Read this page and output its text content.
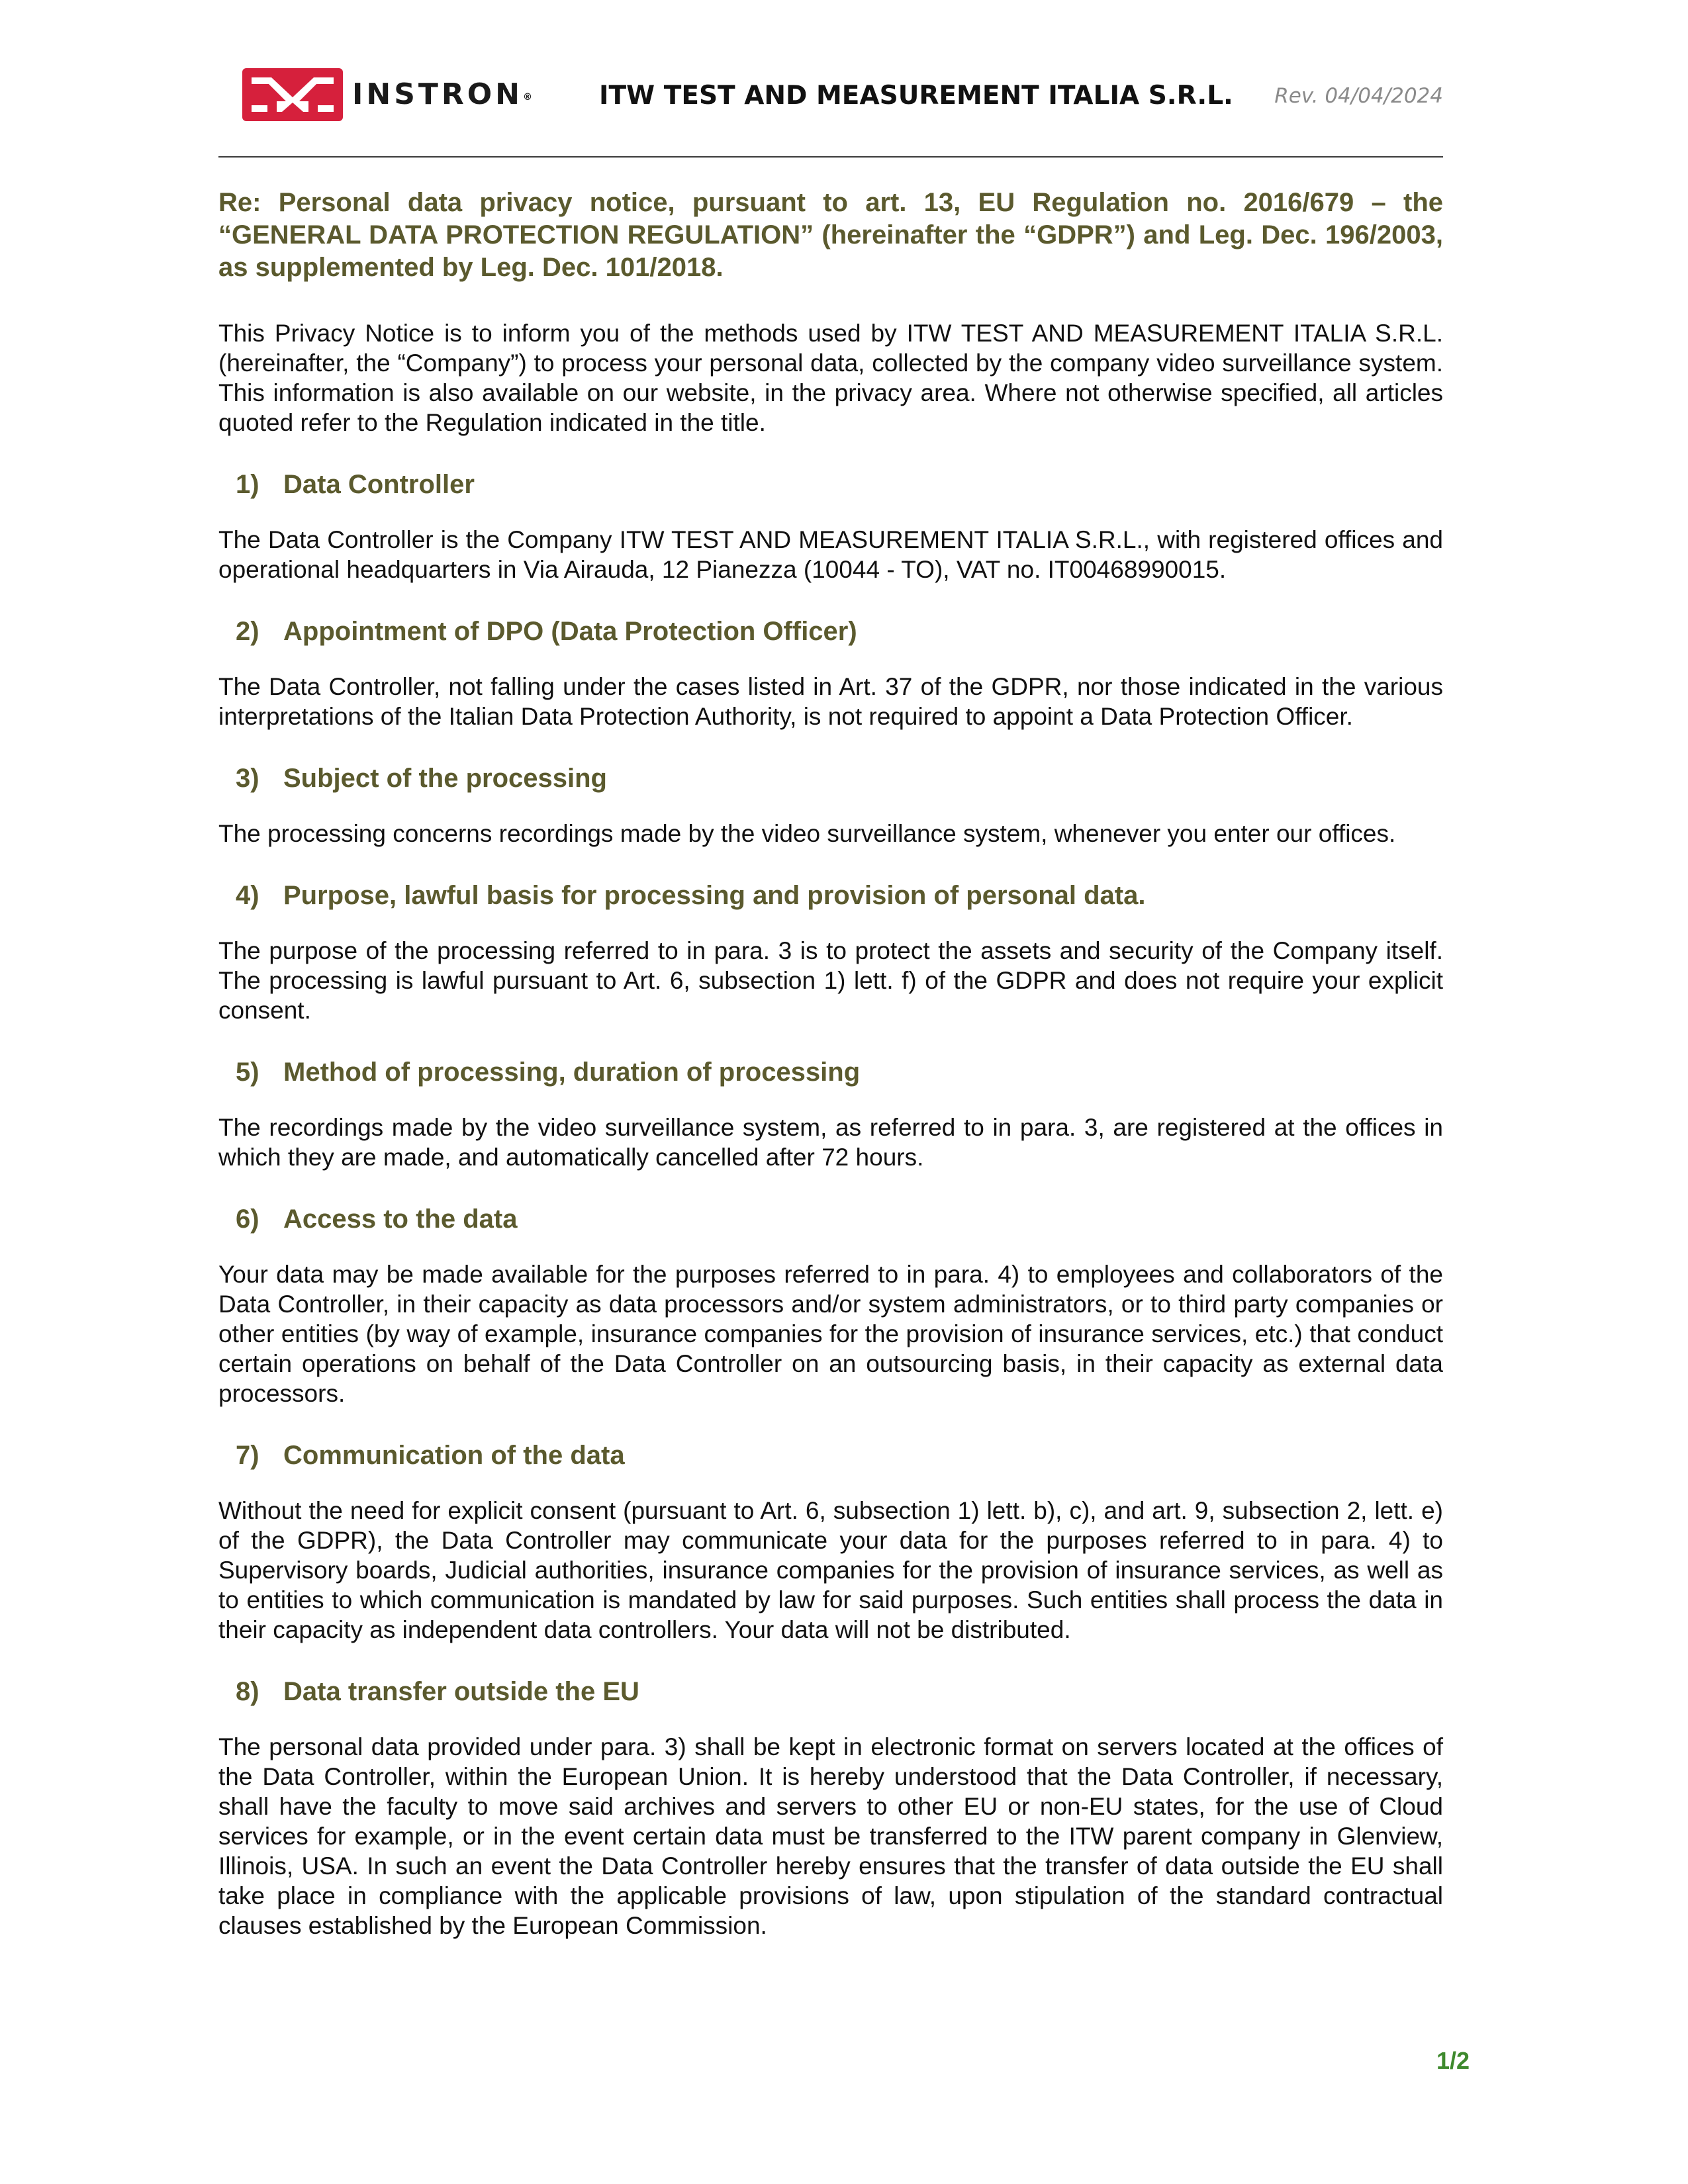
INSTRON®	ITW TEST AND MEASUREMENT ITALIA S.R.L. Rev. 04/04/2024

Re: Personal data privacy notice, pursuant to art. 13, EU Regulation no. 2016/679 – the “GENERAL DATA PROTECTION REGULATION” (hereinafter the “GDPR”) and Leg. Dec. 196/2003, as supplemented by Leg. Dec. 101/2018.

This Privacy Notice is to inform you of the methods used by ITW TEST AND MEASUREMENT ITALIA S.R.L. (hereinafter, the “Company”) to process your personal data, collected by the company video surveillance system. This information is also available on our website, in the privacy area. Where not otherwise specified, all articles quoted refer to the Regulation indicated in the title.

1) Data Controller

The Data Controller is the Company ITW TEST AND MEASUREMENT ITALIA S.R.L., with registered offices and operational headquarters in Via Airauda, 12 Pianezza (10044 - TO), VAT no. IT00468990015.

2) Appointment of DPO (Data Protection Officer)

The Data Controller, not falling under the cases listed in Art. 37 of the GDPR, nor those indicated in the various interpretations of the Italian Data Protection Authority, is not required to appoint a Data Protection Officer.

3) Subject of the processing

The processing concerns recordings made by the video surveillance system, whenever you enter our offices.

4) Purpose, lawful basis for processing and provision of personal data.

The purpose of the processing referred to in para. 3 is to protect the assets and security of the Company itself. The processing is lawful pursuant to Art. 6, subsection 1) lett. f) of the GDPR and does not require your explicit consent.

5) Method of processing, duration of processing

The recordings made by the video surveillance system, as referred to in para. 3, are registered at the offices in which they are made, and automatically cancelled after 72 hours.

6) Access to the data

Your data may be made available for the purposes referred to in para. 4) to employees and collaborators of the Data Controller, in their capacity as data processors and/or system administrators, or to third party companies or other entities (by way of example, insurance companies for the provision of insurance services, etc.) that conduct certain operations on behalf of the Data Controller on an outsourcing basis, in their capacity as external data processors.

7) Communication of the data

Without the need for explicit consent (pursuant to Art. 6, subsection 1) lett. b), c), and art. 9, subsection 2, lett. e) of the GDPR), the Data Controller may communicate your data for the purposes referred to in para. 4) to Supervisory boards, Judicial authorities, insurance companies for the provision of insurance services, as well as to entities to which communication is mandated by law for said purposes. Such entities shall process the data in their capacity as independent data controllers. Your data will not be distributed.

8) Data transfer outside the EU

The personal data provided under para. 3) shall be kept in electronic format on servers located at the offices of the Data Controller, within the European Union. It is hereby understood that the Data Controller, if necessary, shall have the faculty to move said archives and servers to other EU or non-EU states, for the use of Cloud services for example, or in the event certain data must be transferred to the ITW parent company in Glenview, Illinois, USA. In such an event the Data Controller hereby ensures that the transfer of data outside the EU shall take place in compliance with the applicable provisions of law, upon stipulation of the standard contractual clauses established by the European Commission.

1/2
